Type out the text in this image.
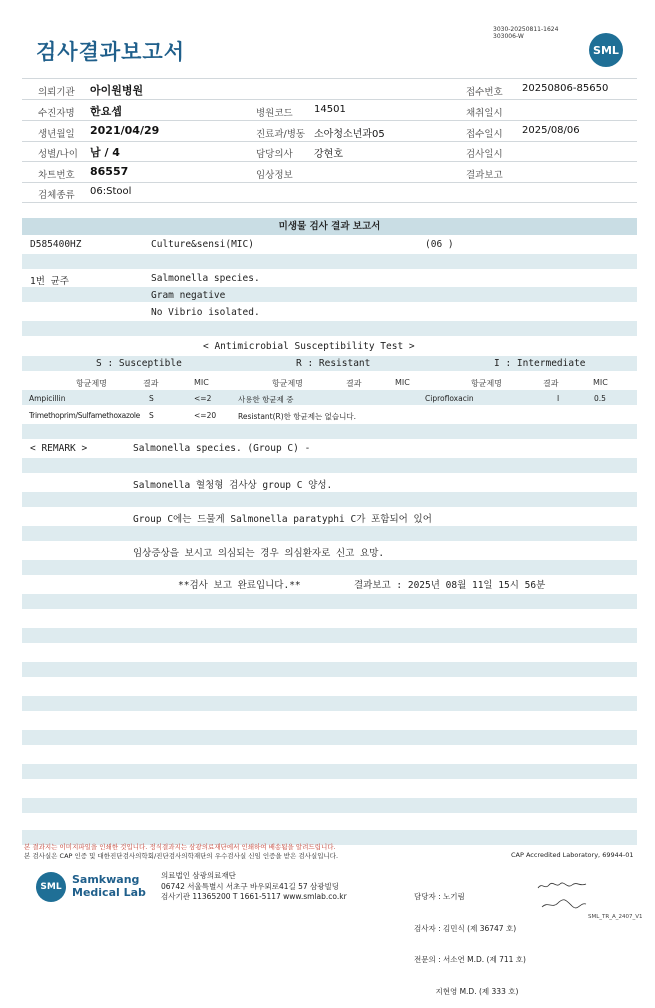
검사결과보고서
3030-20250811-1624
303006-W
SML
의뢰기관 아이원병원	접수번호 20250806-85650
수진자명 한요셉	병원코드 14501	채취일시
생년월일 2021/04/29	진료과/병동 소아청소년과05	접수일시 2025/08/06
성별/나이 남 / 4	담당의사 강현호	검사일시
차트번호 86557	임상정보	결과보고
검체종류 06:Stool
미생물 검사 결과 보고서
D585400HZ	Culture&sensi(MIC)	(06 )
1번 균주	Salmonella species.
Gram negative
No Vibrio isolated.
< Antimicrobial Susceptibility Test >
S : Susceptible	R : Resistant	I : Intermediate
항균제명	결과	MIC	항균제명	결과	MIC	항균제명	결과	MIC
Ampicillin	S	<=2	사용한 항균제 중	Ciprofloxacin	I	0.5
Trimethoprim/Sulfamethoxazole S	<=20	Resistant(R)한 항균제는 없습니다.
< REMARK >	Salmonella species. (Group C) -
Salmonella 혈청형 검사상 group C 양성.
Group C에는 드물게 Salmonella paratyphi C가 포함되어 있어
임상증상을 보시고 의심되는 경우 의심환자로 신고 요망.
**검사 보고 완료입니다.**	결과보고 : 2025년 08월 11일 15시 56분
본 결과지는 이미지파일을 인쇄한 것입니다. 정식결과지는 삼광의료재단에서 인쇄하여 배송됨을 알려드립니다.
본 검사실은 CAP 인증 및 대한진단검사의학회/진단검사의학재단의 우수검사실 신임 인증을 받은 검사실입니다.	CAP Accredited Laboratory, 69944-01
SML
Samkwang
Medical Lab
의료법인 삼광의료재단
06742 서울특별시 서초구 바우뫼로41길 57 삼광빌딩
검사기관 11365200 T 1661-5117 www.smlab.co.kr

	담당자 : 노기림

검사자 : 김민식 (제 36747 호)

전문의 : 서소연 M.D. (제 711 호)

지현영 M.D. (제 333 호)

SML_TR_A_2407_V1
